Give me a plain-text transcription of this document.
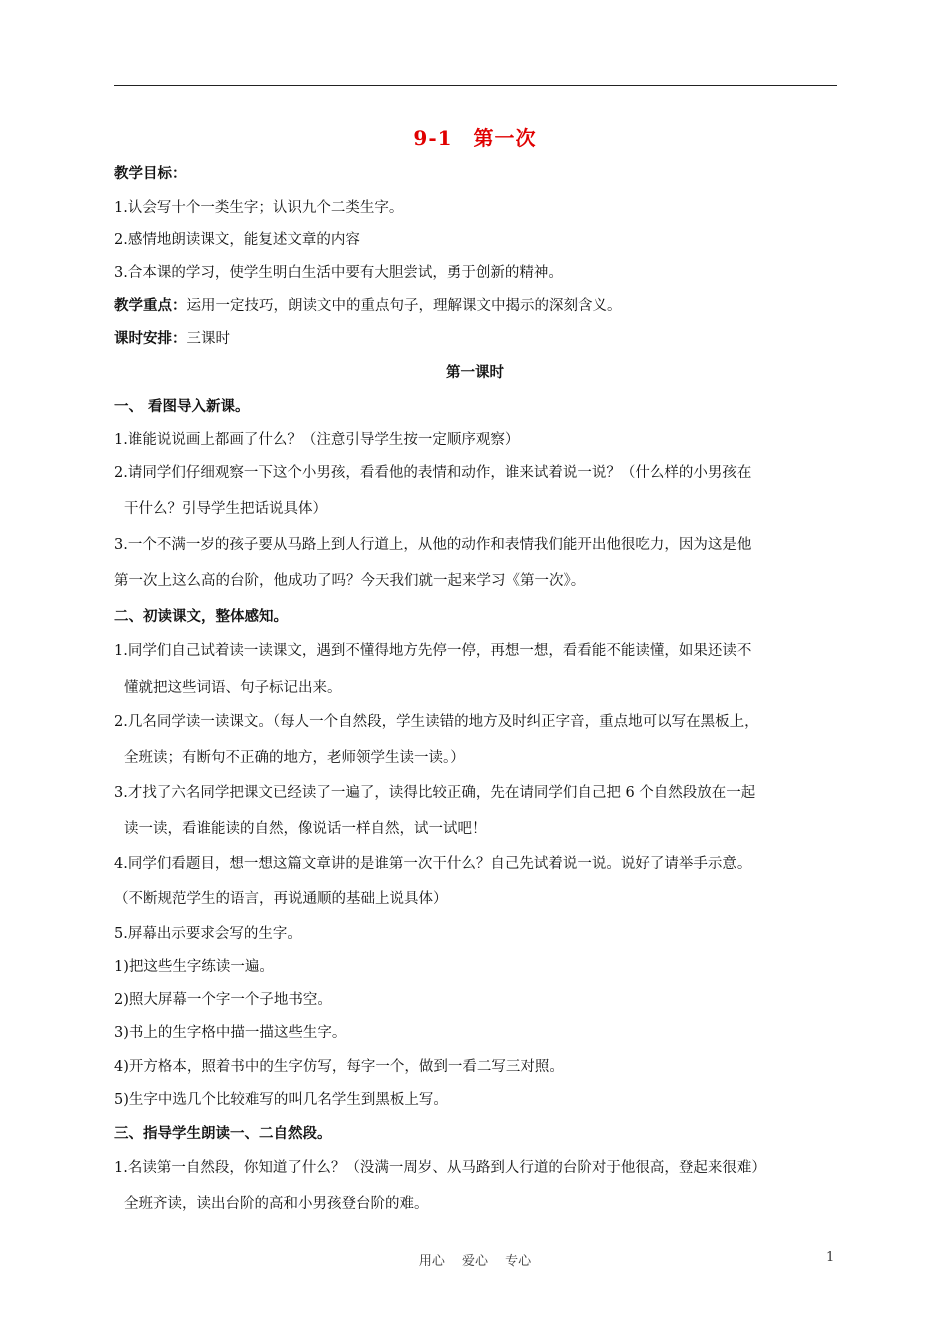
9-1　第一次
教学目标：
1.认会写十个一类生字；认识九个二类生字。
2.感情地朗读课文，能复述文章的内容
3.合本课的学习，使学生明白生活中要有大胆尝试，勇于创新的精神。
教学重点：运用一定技巧，朗读文中的重点句子，理解课文中揭示的深刻含义。
课时安排：三课时
第一课时
一、 看图导入新课。
1.谁能说说画上都画了什么？（注意引导学生按一定顺序观察）
2.请同学们仔细观察一下这个小男孩，看看他的表情和动作，谁来试着说一说？（什么样的小男孩在
干什么？引导学生把话说具体）
3.一个不满一岁的孩子要从马路上到人行道上，从他的动作和表情我们能开出他很吃力，因为这是他
第一次上这么高的台阶，他成功了吗？今天我们就一起来学习《第一次》。
二、初读课文，整体感知。
1.同学们自己试着读一读课文，遇到不懂得地方先停一停，再想一想，看看能不能读懂，如果还读不
懂就把这些词语、句子标记出来。
2.几名同学读一读课文。（每人一个自然段，学生读错的地方及时纠正字音，重点地可以写在黑板上，
全班读；有断句不正确的地方，老师领学生读一读。）
3.才找了六名同学把课文已经读了一遍了，读得比较正确，先在请同学们自己把 6 个自然段放在一起
读一读，看谁能读的自然，像说话一样自然，试一试吧！
4.同学们看题目，想一想这篇文章讲的是谁第一次干什么？自己先试着说一说。说好了请举手示意。
（不断规范学生的语言，再说通顺的基础上说具体）
5.屏幕出示要求会写的生字。
1)把这些生字练读一遍。
2)照大屏幕一个字一个子地书空。
3)书上的生字格中描一描这些生字。
4)开方格本，照着书中的生字仿写，每字一个，做到一看二写三对照。
5)生字中选几个比较难写的叫几名学生到黑板上写。
三、指导学生朗读一、二自然段。
1.名读第一自然段，你知道了什么？（没满一周岁、从马路到人行道的台阶对于他很高，登起来很难）
全班齐读，读出台阶的高和小男孩登台阶的难。
用心　 爱心　 专心	1
